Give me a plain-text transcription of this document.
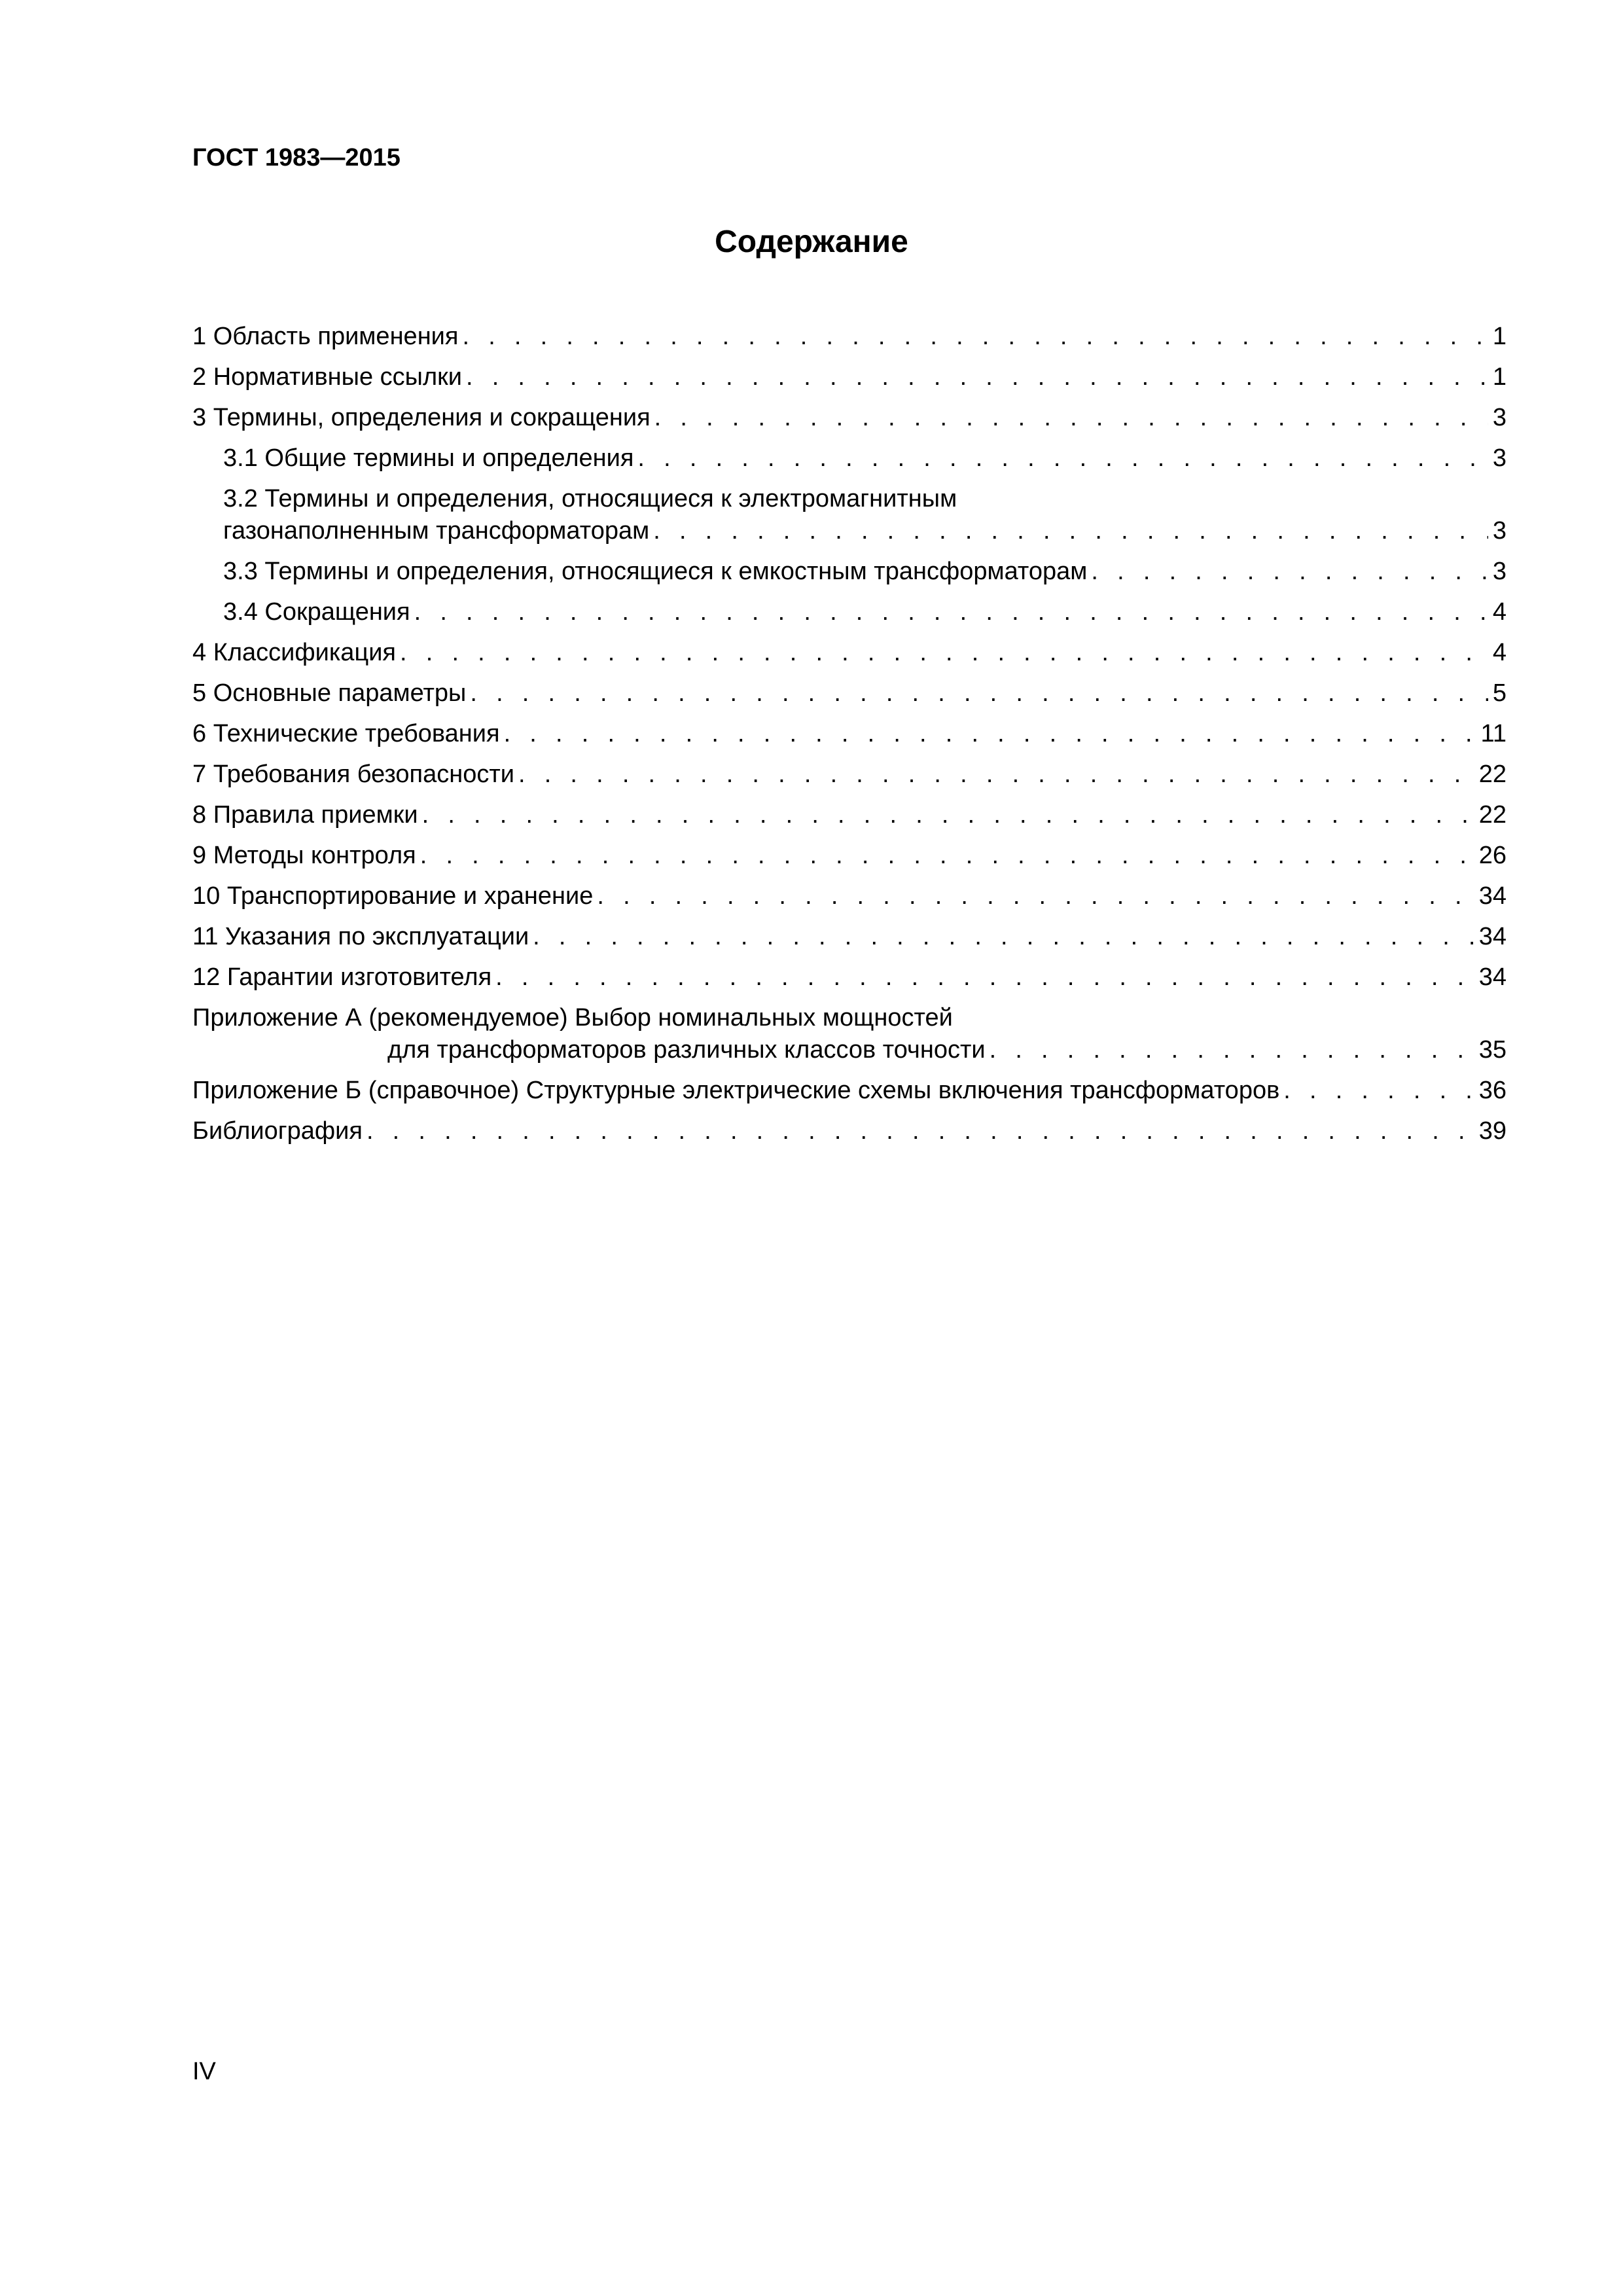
ГОСТ 1983—2015
Содержание
1 Область применения . . .	1
2 Нормативные ссылки . . .	1
3 Термины, определения и сокращения . . .	3
3.1 Общие термины и определения . . .	3
3.2 Термины и определения, относящиеся к электромагнитным
газонаполненным трансформаторам . . .	3
3.3 Термины и определения, относящиеся к емкостным трансформаторам . . .	3
3.4 Сокращения . . .	4
4 Классификация . . .	4
5 Основные параметры . . .	5
6 Технические требования . . .	11
7 Требования безопасности . . .	22
8 Правила приемки . . .	22
9 Методы контроля . . .	26
10 Транспортирование и хранение . . .	34
11 Указания по эксплуатации . . .	34
12 Гарантии изготовителя . . .	34
Приложение А (рекомендуемое) Выбор номинальных мощностей
для трансформаторов различных классов точности . . .	35
Приложение Б (справочное) Структурные электрические схемы включения трансформаторов . . .	36
Библиография . . .	39
IV
